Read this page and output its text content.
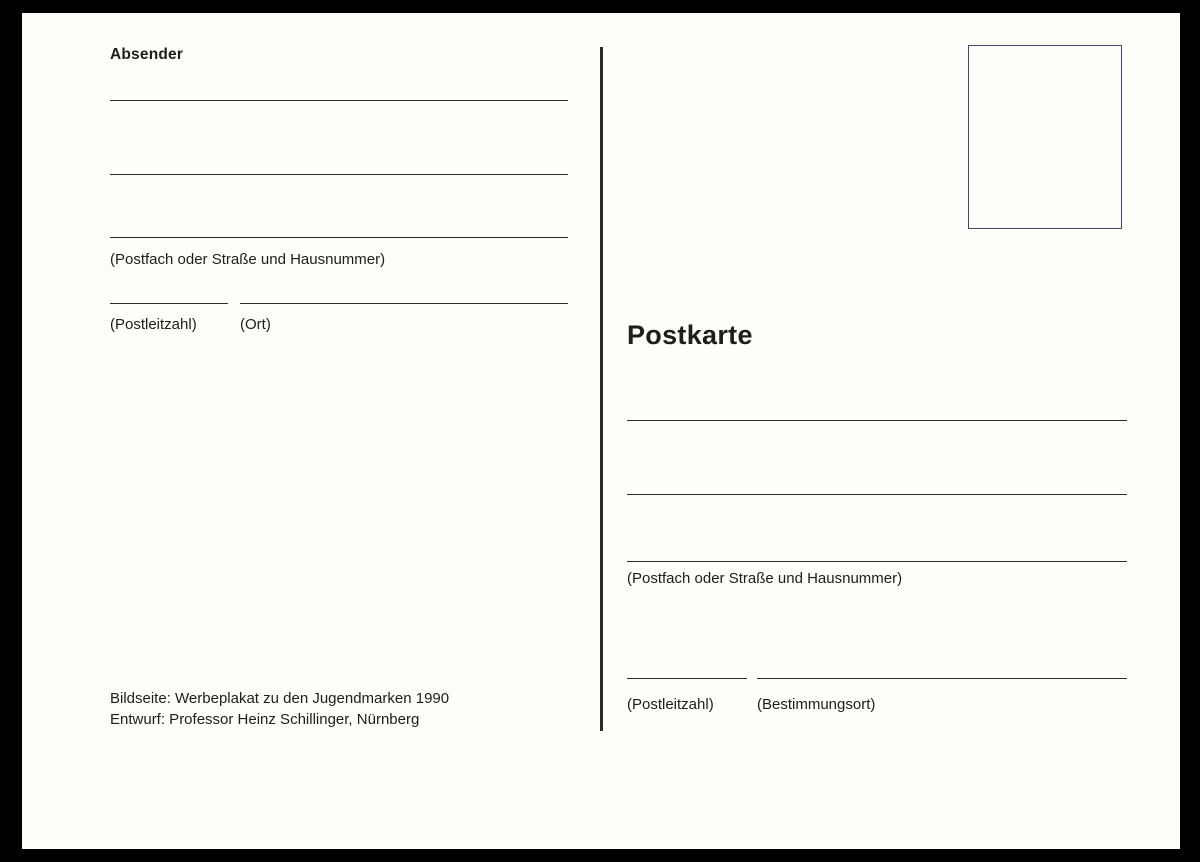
Absender
(Postfach oder Straße und Hausnummer)
(Postleitzahl)	(Ort)
Bildseite: Werbeplakat zu den Jugendmarken 1990
Entwurf: Professor Heinz Schillinger, Nürnberg
Postkarte
(Postfach oder Straße und Hausnummer)
(Postleitzahl)	(Bestimmungsort)
